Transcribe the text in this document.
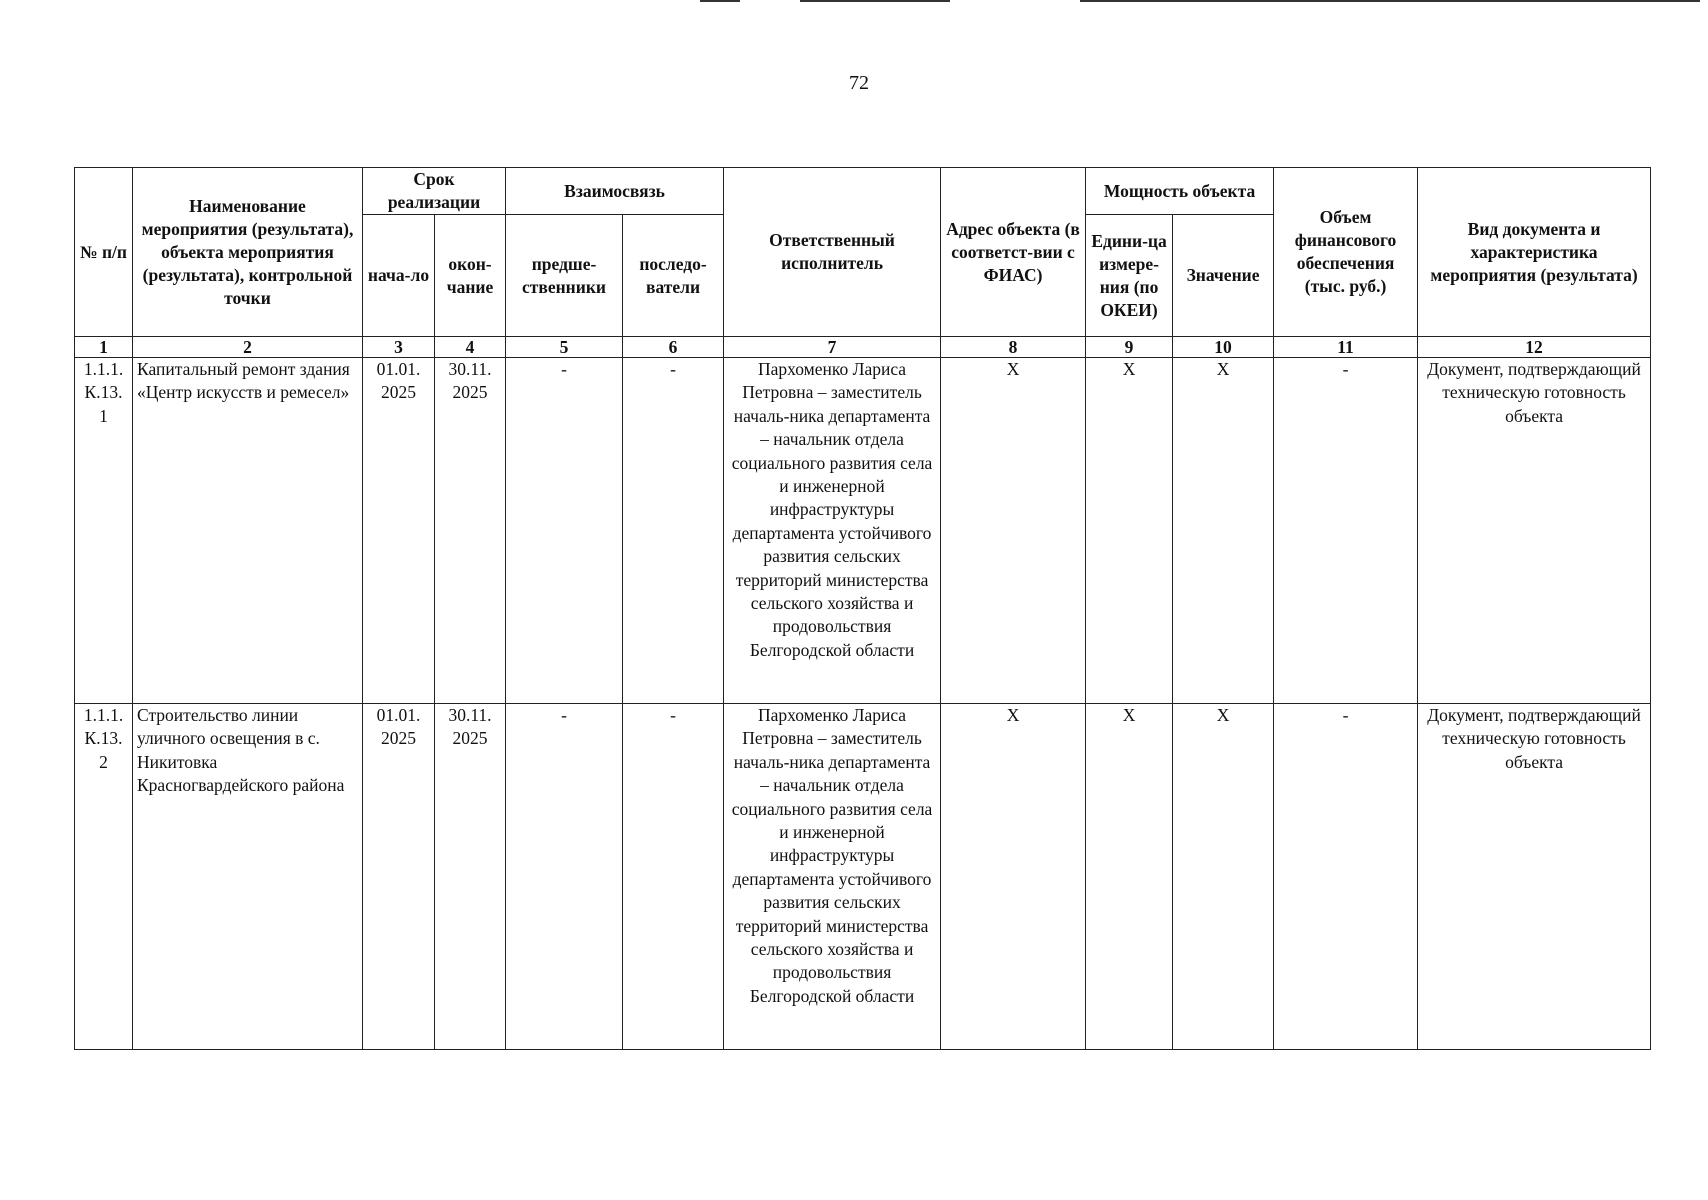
72
№ п/п	Наименование мероприятия (результата), объекта мероприятия (результата), контрольной точки	Срок реализации		Взаимосвязь		Ответственный исполнитель	Адрес объекта (в соответст-вии с ФИАС)	Мощность объекта		Объем финансового обеспечения (тыс. руб.)	Вид документа и характеристика мероприятия (результата)
		нача-ло	окон-чание	предше-ственники	последо-ватели			Едини-ца измере-ния (по ОКЕИ)	Значение		
1	2	3	4	5	6	7	8	9	10	11	12
1.1.1. К.13. 1	Капитальный ремонт здания «Центр искусств и ремесел»	01.01. 2025	30.11. 2025	-	-	Пархоменко Лариса Петровна – заместитель началь-ника департамента – начальник отдела социального развития села и инженерной инфраструктуры департамента устойчивого развития сельских территорий министерства сельского хозяйства и продовольствия Белгородской области	Х	Х	Х	-	Документ, подтверждающий техническую готовность объекта
1.1.1. К.13. 2	Строительство линии уличного освещения в с. Никитовка Красногвардейского района	01.01. 2025	30.11. 2025	-	-	Пархоменко Лариса Петровна – заместитель началь-ника департамента – начальник отдела социального развития села и инженерной инфраструктуры департамента устойчивого развития сельских территорий министерства сельского хозяйства и продовольствия Белгородской области	Х	Х	Х	-	Документ, подтверждающий техническую готовность объекта
